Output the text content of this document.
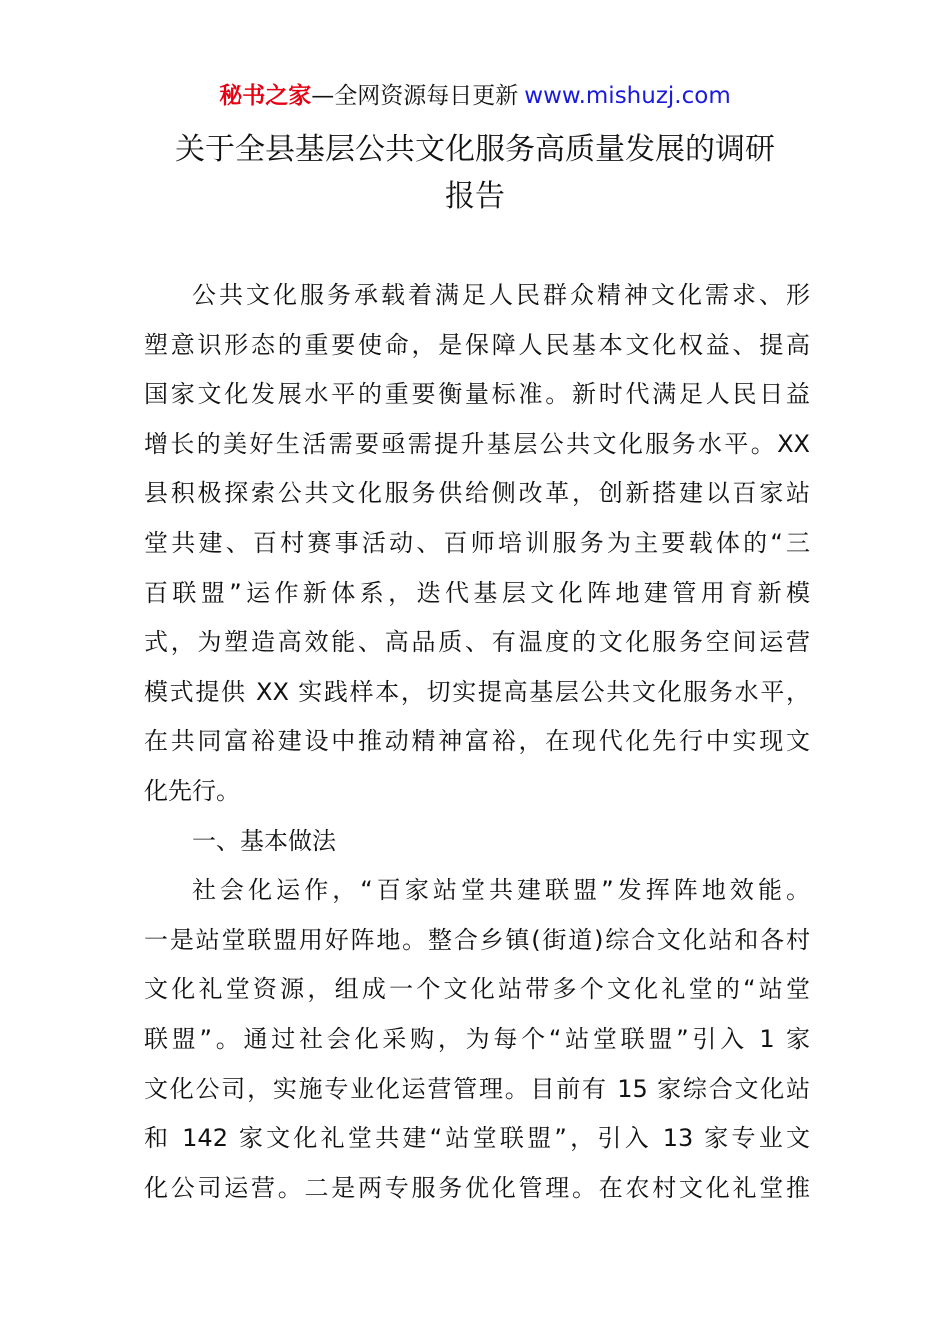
秘书之家—全网资源每日更新 www.mishuzj.com
关于全县基层公共文化服务高质量发展的调研
报告
公共文化服务承载着满足人民群众精神文化需求、形
塑意识形态的重要使命，是保障人民基本文化权益、提高
国家文化发展水平的重要衡量标准。新时代满足人民日益
增长的美好生活需要亟需提升基层公共文化服务水平。XX
县积极探索公共文化服务供给侧改革，创新搭建以百家站
堂共建、百村赛事活动、百师培训服务为主要载体的“三
百联盟”运作新体系，迭代基层文化阵地建管用育新模
式，为塑造高效能、高品质、有温度的文化服务空间运营
模式提供 XX 实践样本，切实提高基层公共文化服务水平，
在共同富裕建设中推动精神富裕，在现代化先行中实现文
化先行。
一、基本做法
社会化运作，“百家站堂共建联盟”发挥阵地效能。
一是站堂联盟用好阵地。整合乡镇(街道)综合文化站和各村
文化礼堂资源，组成一个文化站带多个文化礼堂的“站堂
联盟”。通过社会化采购，为每个“站堂联盟”引入 1 家
文化公司，实施专业化运营管理。目前有 15 家综合文化站
和 142 家文化礼堂共建“站堂联盟”，引入 13 家专业文
化公司运营。二是两专服务优化管理。在农村文化礼堂推
